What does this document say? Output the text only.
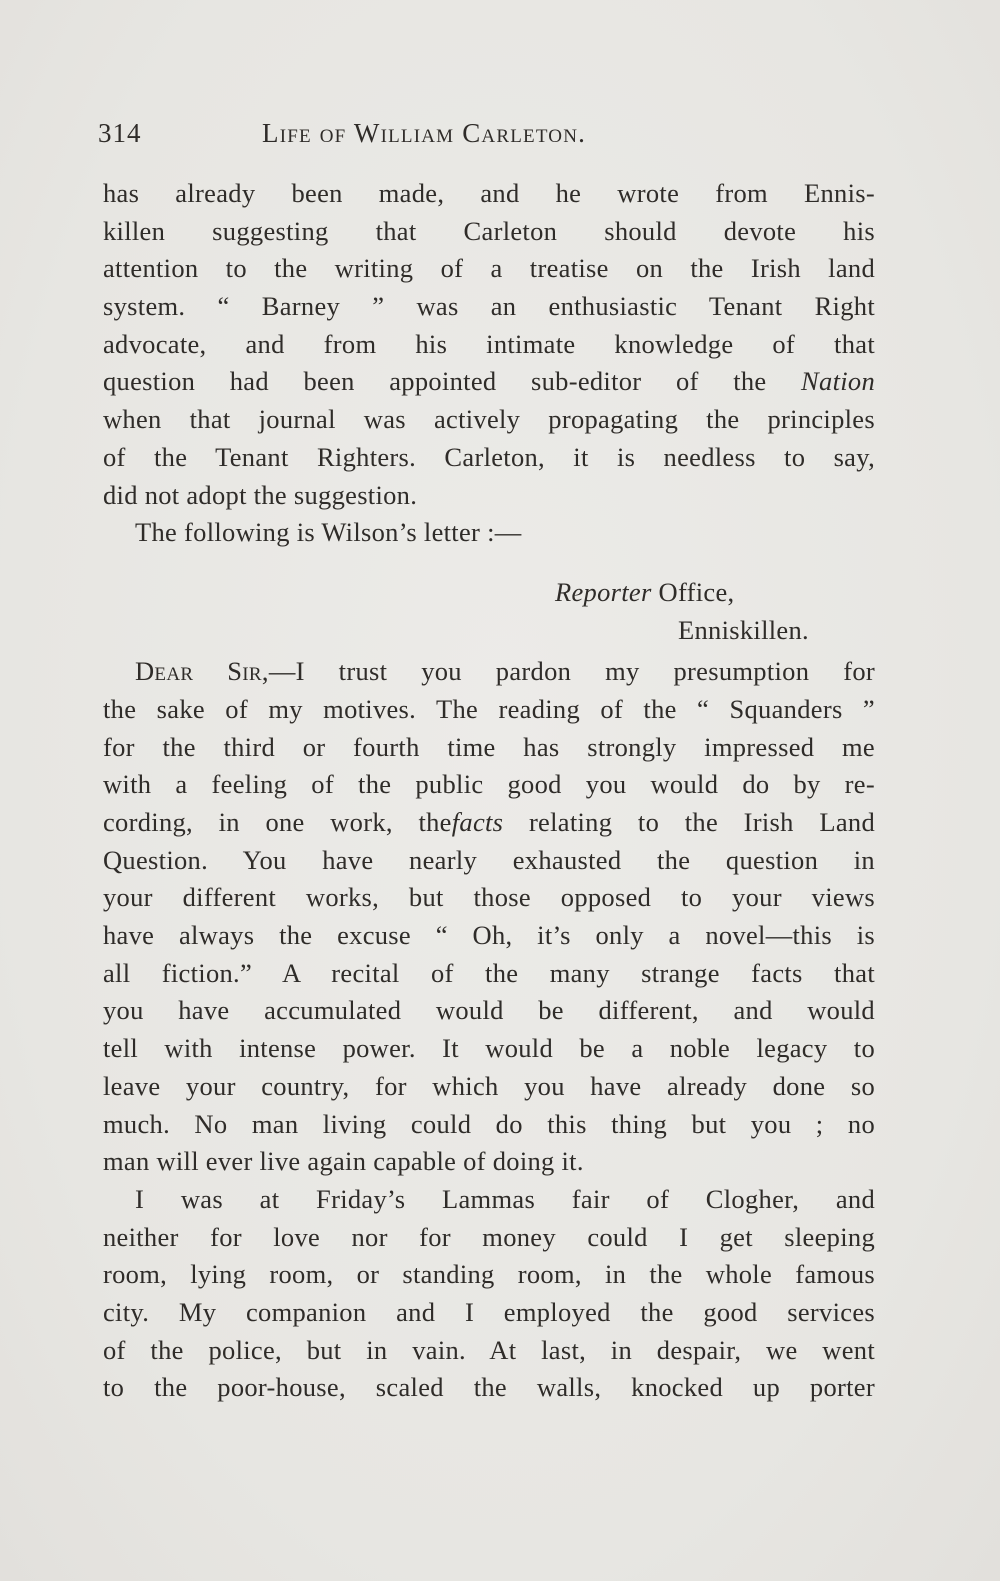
314	Life of William Carleton.
has already been made, and he wrote from Ennis-
killen suggesting that Carleton should devote his
attention to the writing of a treatise on the Irish land
system. “ Barney ” was an enthusiastic Tenant Right
advocate, and from his intimate knowledge of that
question had been appointed sub-editor of the Nation
when that journal was actively propagating the principles
of the Tenant Righters. Carleton, it is needless to say,
did not adopt the suggestion.
The following is Wilson’s letter :—
Reporter Office,
Enniskillen.
Dear Sir,—I trust you pardon my presumption for
the sake of my motives. The reading of the “ Squanders ”
for the third or fourth time has strongly impressed me
with a feeling of the public good you would do by re-
cording, in one work, thefacts relating to the Irish Land
Question. You have nearly exhausted the question in
your different works, but those opposed to your views
have always the excuse “ Oh, it’s only a novel—this is
all fiction.” A recital of the many strange facts that
you have accumulated would be different, and would
tell with intense power. It would be a noble legacy to
leave your country, for which you have already done so
much. No man living could do this thing but you ; no
man will ever live again capable of doing it.
I was at Friday’s Lammas fair of Clogher, and
neither for love nor for money could I get sleeping
room, lying room, or standing room, in the whole famous
city. My companion and I employed the good services
of the police, but in vain. At last, in despair, we went
to the poor-house, scaled the walls, knocked up porter
